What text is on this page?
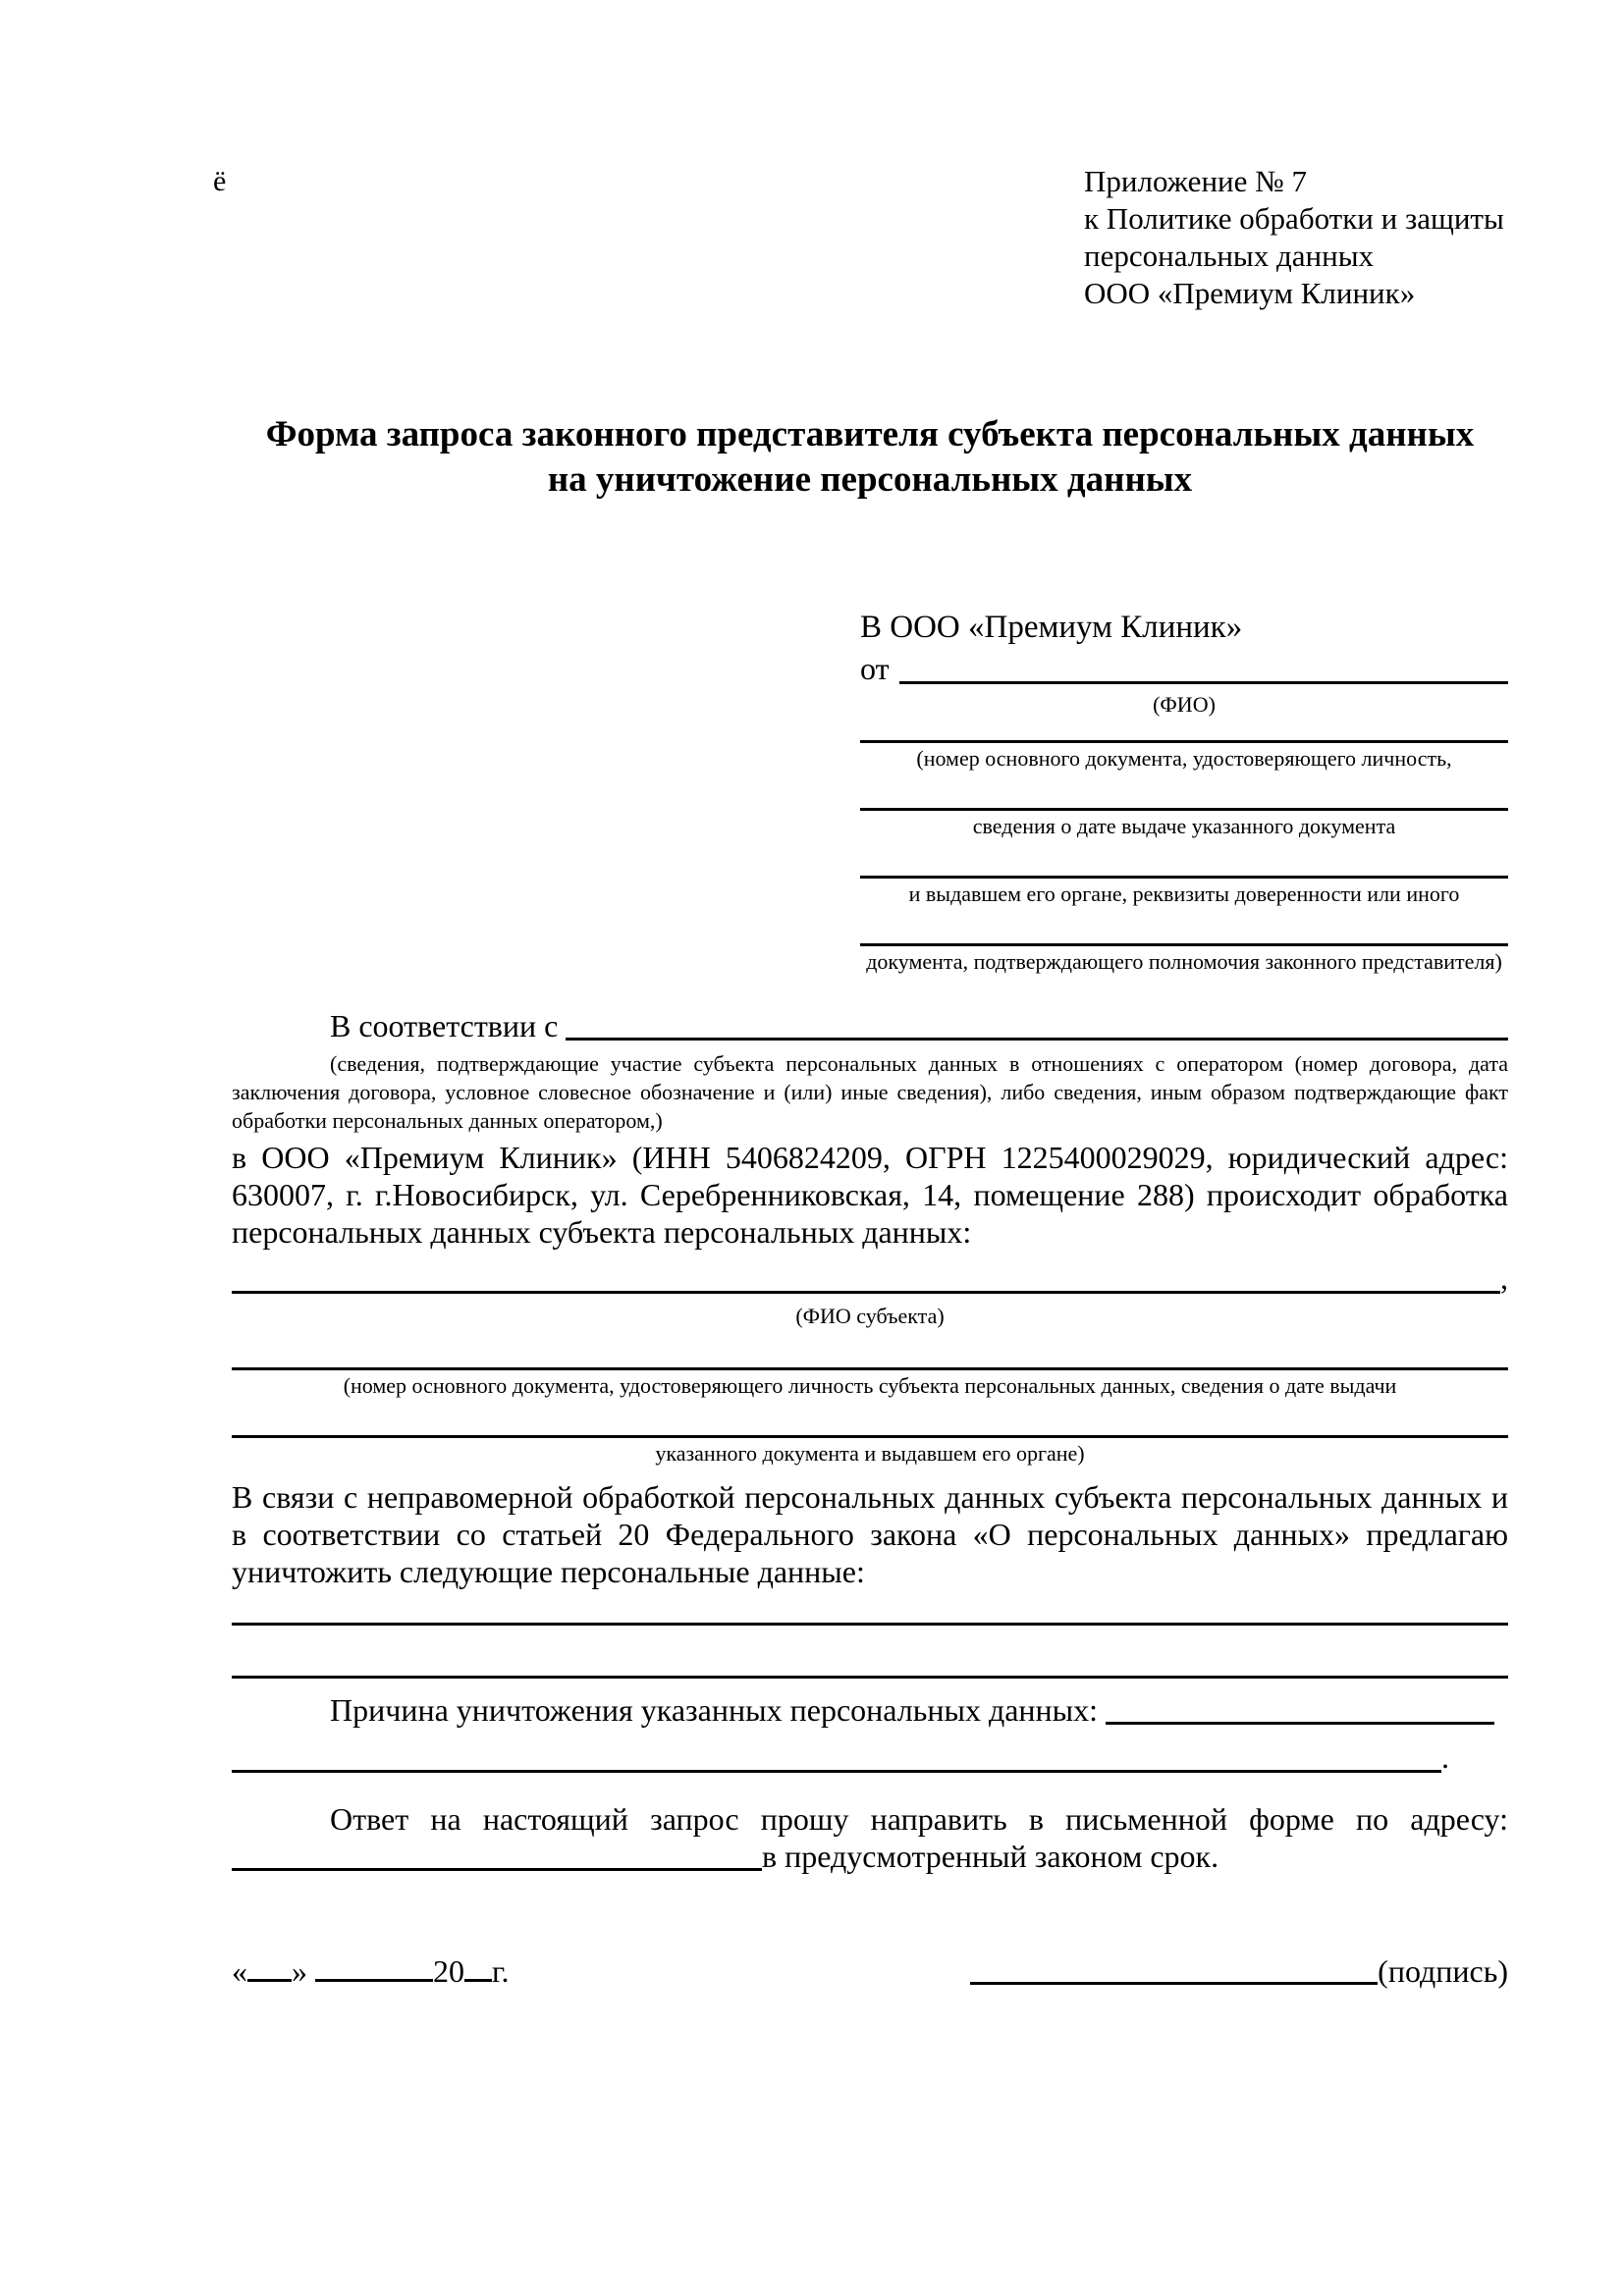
ё	Приложение № 7
к Политике обработки и защиты
персональных данных
ООО «Премиум Клиник»
Форма запроса законного представителя субъекта персональных данных
на уничтожение персональных данных
В ООО «Премиум Клиник»
от
(ФИО)
(номер основного документа, удостоверяющего личность,
сведения о дате выдаче указанного документа
и выдавшем его органе, реквизиты доверенности или иного
документа, подтверждающего полномочия законного представителя)
В соответствии с
(сведения, подтверждающие участие субъекта персональных данных в отношениях с оператором (номер договора, дата заключения договора, условное словесное обозначение и (или) иные сведения), либо сведения, иным образом подтверждающие факт обработки персональных данных оператором,)
в ООО «Премиум Клиник» (ИНН 5406824209, ОГРН 1225400029029, юридический адрес: 630007, г. г.Новосибирск, ул. Серебренниковская, 14, помещение 288) происходит обработка персональных данных субъекта персональных данных:
,
(ФИО субъекта)
(номер основного документа, удостоверяющего личность субъекта персональных данных, сведения о дате выдачи
указанного документа и выдавшем его органе)
В связи с неправомерной обработкой персональных данных субъекта персональных данных и в соответствии со статьей 20 Федерального закона «О персональных данных» предлагаю уничтожить следующие персональные данные:
Причина уничтожения указанных персональных данных:
.
Ответ на настоящий запрос прошу направить в письменной форме по адресу:
в предусмотренный законом срок.
« »	20 г.	(подпись)
